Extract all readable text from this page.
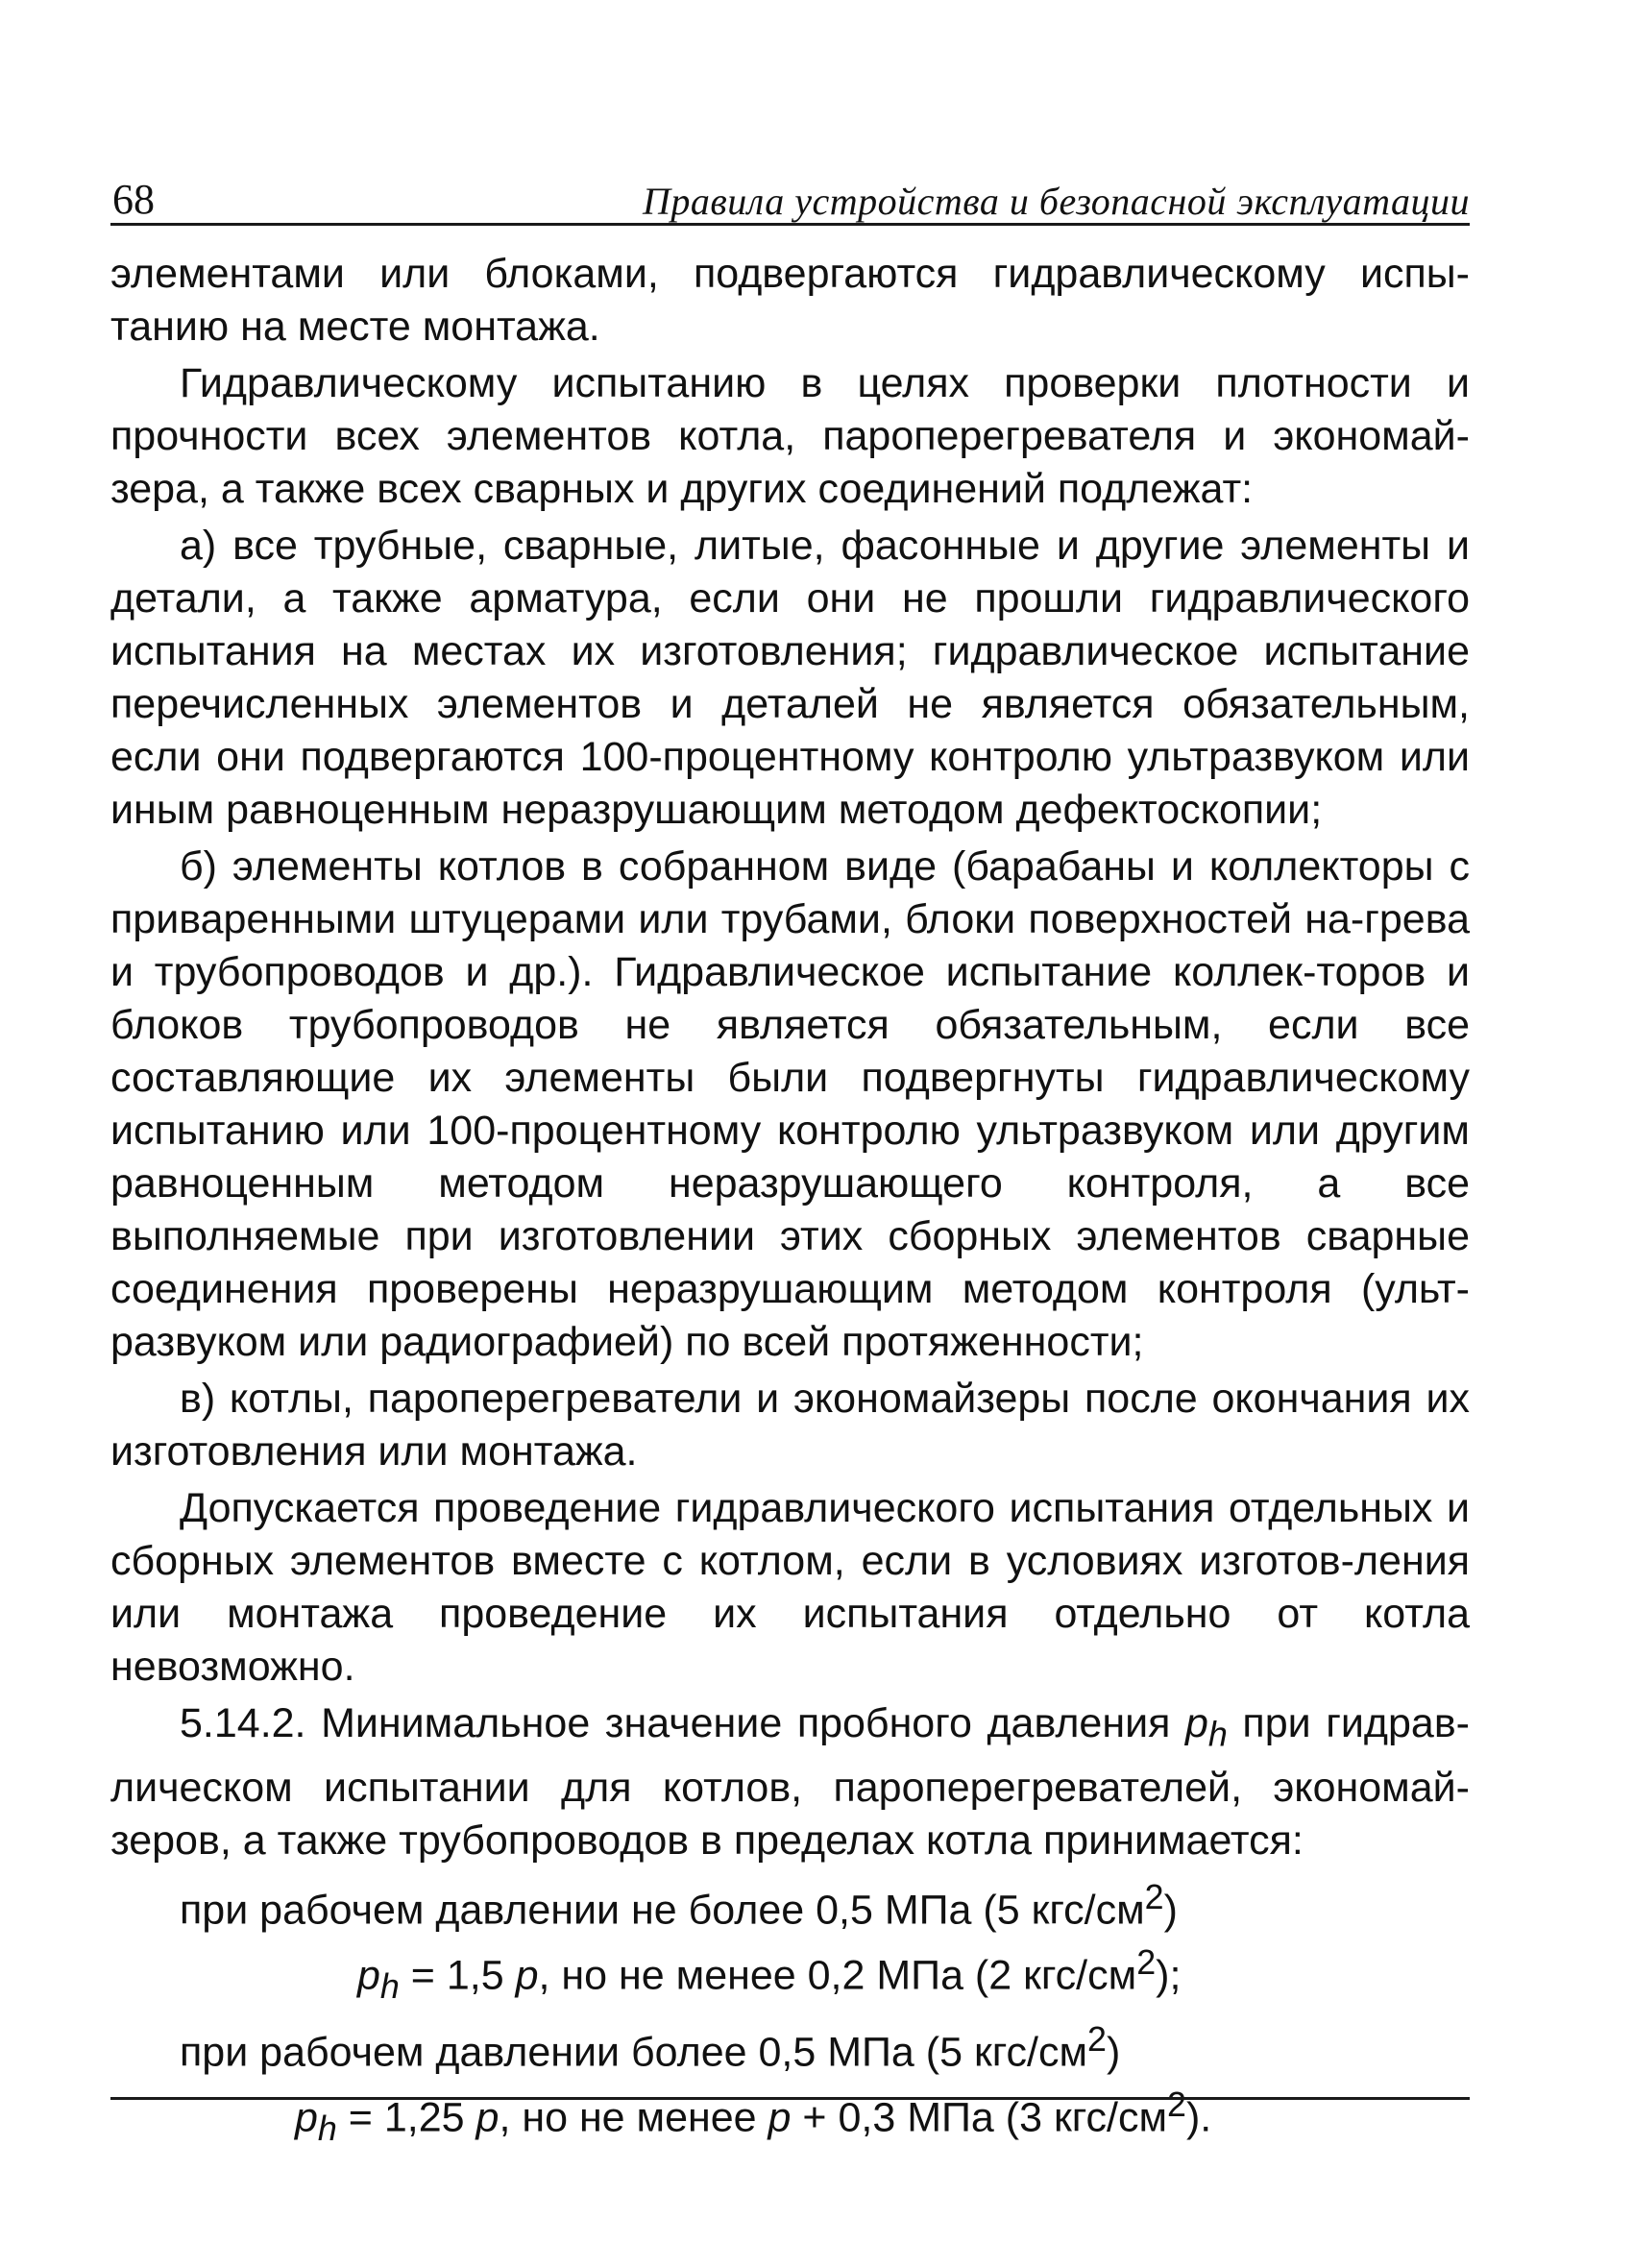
68	Правила устройства и безопасной эксплуатации

элементами или блоками, подвергаются гидравлическому испы-танию на месте монтажа.

Гидравлическому испытанию в целях проверки плотности и прочности всех элементов котла, пароперегревателя и экономай-зера, а также всех сварных и других соединений подлежат:

а) все трубные, сварные, литые, фасонные и другие элементы и детали, а также арматура, если они не прошли гидравлического испытания на местах их изготовления; гидравлическое испытание перечисленных элементов и деталей не является обязательным, если они подвергаются 100-процентному контролю ультразвуком или иным равноценным неразрушающим методом дефектоскопии;

б) элементы котлов в собранном виде (барабаны и коллекторы с приваренными штуцерами или трубами, блоки поверхностей на-грева и трубопроводов и др.). Гидравлическое испытание коллек-торов и блоков трубопроводов не является обязательным, если все составляющие их элементы были подвергнуты гидравлическому испытанию или 100-процентному контролю ультразвуком или другим равноценным методом неразрушающего контроля, а все выполняемые при изготовлении этих сборных элементов сварные соединения проверены неразрушающим методом контроля (ульт-развуком или радиографией) по всей протяженности;

в) котлы, пароперегреватели и экономайзеры после окончания их изготовления или монтажа.

Допускается проведение гидравлического испытания отдельных и сборных элементов вместе с котлом, если в условиях изготов-ления или монтажа проведение их испытания отдельно от котла невозможно.

5.14.2. Минимальное значение пробного давления $p_h$ при гидрав-лическом испытании для котлов, пароперегревателей, экономай-зеров, а также трубопроводов в пределах котла принимается:

при рабочем давлении не более 0,5 МПа (5 кгс/$см^2$)

$p_h = 1,5$ p, но не менее 0,2 МПа (2 кгс/$см^2$);

при рабочем давлении более 0,5 МПа (5 кгс/$см^2$)

$p_h = 1,25$ p, но не менее p + 0,3 МПа (3 кгс/$см^2$).
